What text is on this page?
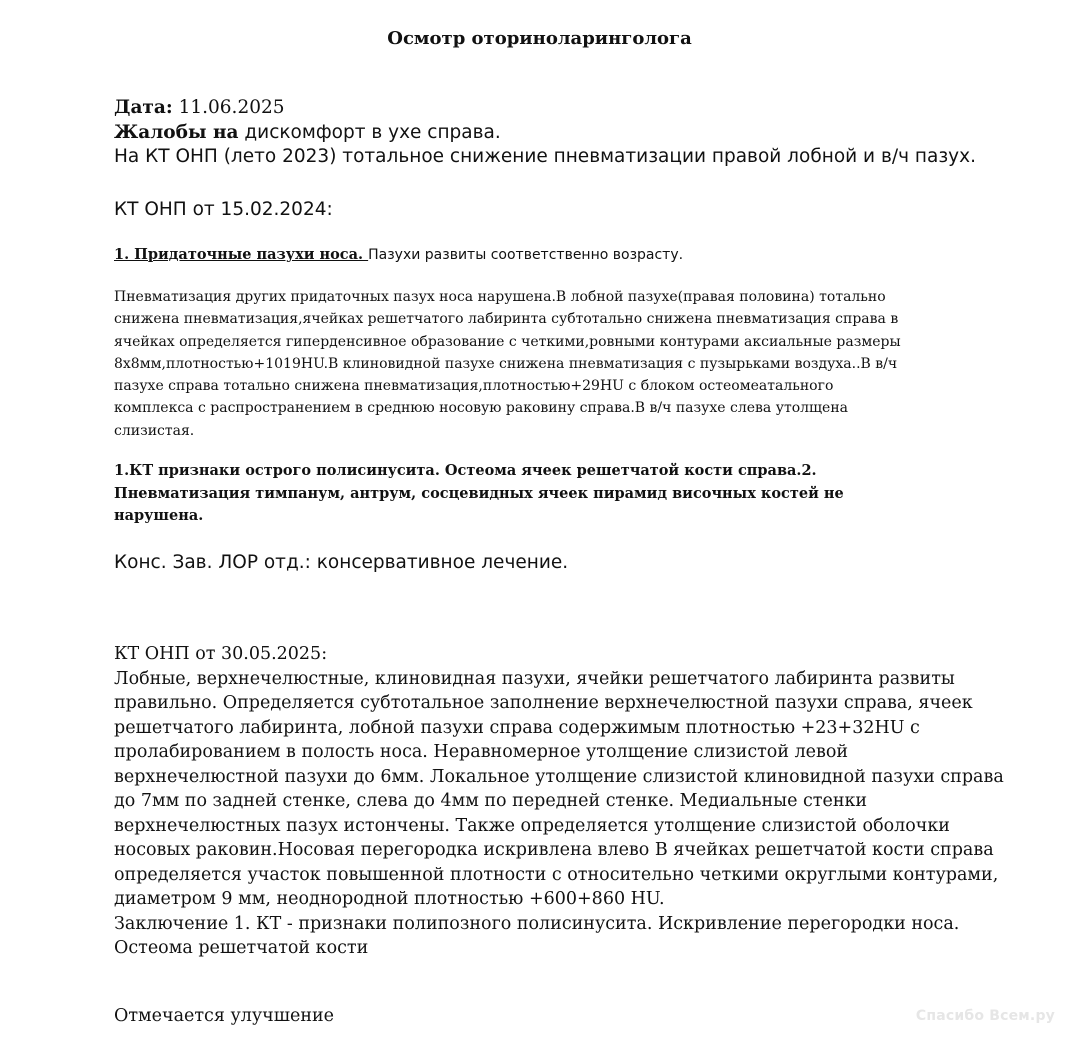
Осмотр оториноларинголога
Дата: 11.06.2025
Жалобы на дискомфорт в ухе справа.
На КТ ОНП (лето 2023) тотальное снижение пневматизации правой лобной и в/ч пазух.
КТ ОНП от 15.02.2024:
1. Придаточные пазухи носа. Пазухи развиты соответственно возрасту.
Пневматизация других придаточных пазух носа нарушена.В лобной пазухе(правая половина) тотально
снижена пневматизация,ячейках решетчатого лабиринта субтотально снижена пневматизация справа в
ячейках определяется гиперденсивное образование с четкими,ровными контурами аксиальные размеры
8х8мм,плотностью+1019HU.В клиновидной пазухе снижена пневматизация с пузырьками воздуха..В в/ч
пазухе справа тотально снижена пневматизация,плотностью+29HU с блоком остеомеатального
комплекса с распространением в среднюю носовую раковину справа.В в/ч пазухе слева утолщена
слизистая.
1.КТ признаки острого полисинусита. Остеома ячеек решетчатой кости справа.2.
Пневматизация тимпанум, антрум, сосцевидных ячеек пирамид височных костей не
нарушена.
Конс. Зав. ЛОР отд.: консервативное лечение.
КТ ОНП от 30.05.2025:
Лобные, верхнечелюстные, клиновидная пазухи, ячейки решетчатого лабиринта развиты
правильно. Определяется субтотальное заполнение верхнечелюстной пазухи справа, ячеек
решетчатого лабиринта, лобной пазухи справа содержимым плотностью +23+32HU с
пролабированием в полость носа. Неравномерное утолщение слизистой левой
верхнечелюстной пазухи до 6мм. Локальное утолщение слизистой клиновидной пазухи справа
до 7мм по задней стенке, слева до 4мм по передней стенке. Медиальные стенки
верхнечелюстных пазух истончены. Также определяется утолщение слизистой оболочки
носовых раковин.Носовая перегородка искривлена влево В ячейках решетчатой кости справа
определяется участок повышенной плотности с относительно четкими округлыми контурами,
диаметром 9 мм, неоднородной плотностью +600+860 HU.
Заключение 1. КТ - признаки полипозного полисинусита. Искривление перегородки носа.
Остеома решетчатой кости
Отмечается улучшение	Спасибо Всем.ру
